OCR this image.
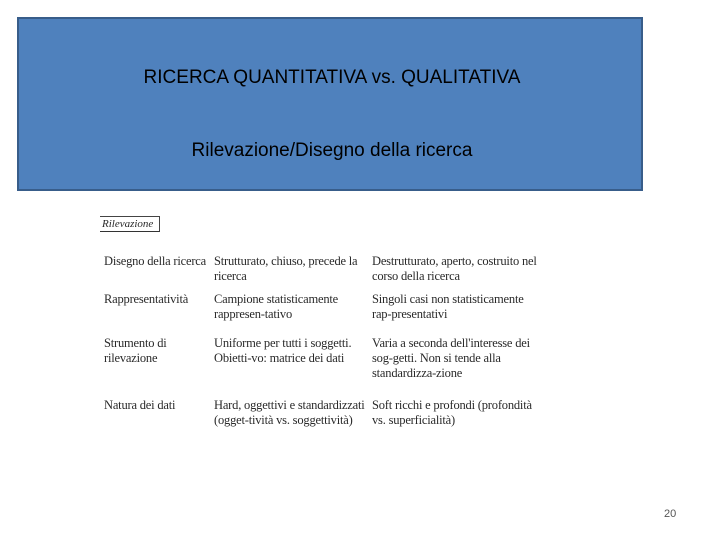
RICERCA QUANTITATIVA vs. QUALITATIVA
Rilevazione/Disegno della ricerca
Rilevazione
Disegno della ricerca Strutturato, chiuso, precede la ricerca
Destrutturato, aperto, costruito nel corso della ricerca
Rappresentatività	Campione statisticamente rappresen-tativo
Singoli casi non statisticamente rap-presentativi
Strumento di rilevazione
Uniforme per tutti i soggetti. Obietti-vo: matrice dei dati
Varia a seconda dell'interesse dei sog-getti. Non si tende alla standardizza-zione
Natura dei dati	Hard, oggettivi e standardizzati (ogget-tività vs. soggettività)
Soft ricchi e profondi (profondità vs. superficialità)
20
